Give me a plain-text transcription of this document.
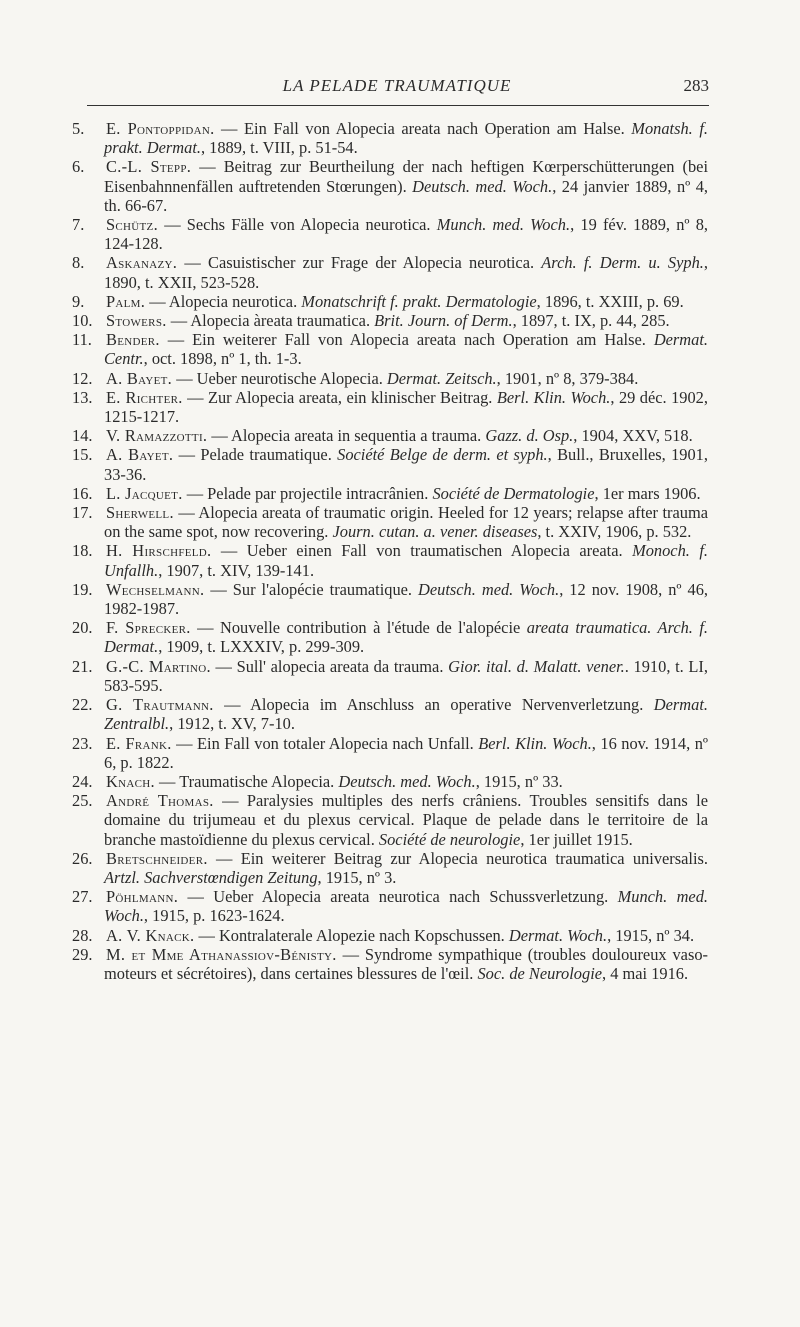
LA PELADE TRAUMATIQUE	283
5.E. Pontoppidan. — Ein Fall von Alopecia areata nach Operation am Halse. Monatsh. f. prakt. Dermat., 1889, t. VIII, p. 51-54.
6.C.-L. Stepp. — Beitrag zur Beurtheilung der nach heftigen Kœrperschütterungen (bei Eisenbahnnenfällen auftretenden Stœrungen). Deutsch. med. Woch., 24 janvier 1889, nº 4, th. 66-67.
7.Schütz. — Sechs Fälle von Alopecia neurotica. Munch. med. Woch., 19 fév. 1889, nº 8, 124-128.
8.Askanazy. — Casuistischer zur Frage der Alopecia neurotica. Arch. f. Derm. u. Syph., 1890, t. XXII, 523-528.
9.Palm. — Alopecia neurotica. Monatschrift f. prakt. Dermatologie, 1896, t. XXIII, p. 69.
10.Stowers. — Alopecia àreata traumatica. Brit. Journ. of Derm., 1897, t. IX, p. 44, 285.
11.Bender. — Ein weiterer Fall von Alopecia areata nach Operation am Halse. Dermat. Centr., oct. 1898, nº 1, th. 1-3.
12.A. Bayet. — Ueber neurotische Alopecia. Dermat. Zeitsch., 1901, nº 8, 379-384.
13.E. Richter. — Zur Alopecia areata, ein klinischer Beitrag. Berl. Klin. Woch., 29 déc. 1902, 1215-1217.
14.V. Ramazzotti. — Alopecia areata in sequentia a trauma. Gazz. d. Osp., 1904, XXV, 518.
15.A. Bayet. — Pelade traumatique. Société Belge de derm. et syph., Bull., Bruxelles, 1901, 33-36.
16.L. Jacquet. — Pelade par projectile intracrânien. Société de Dermatologie, 1er mars 1906.
17.Sherwell. — Alopecia areata of traumatic origin. Heeled for 12 years; relapse after trauma on the same spot, now recovering. Journ. cutan. a. vener. diseases, t. XXIV, 1906, p. 532.
18.H. Hirschfeld. — Ueber einen Fall von traumatischen Alopecia areata. Monoch. f. Unfallh., 1907, t. XIV, 139-141.
19.Wechselmann. — Sur l'alopécie traumatique. Deutsch. med. Woch., 12 nov. 1908, nº 46, 1982-1987.
20.F. Sprecker. — Nouvelle contribution à l'étude de l'alopécie areata traumatica. Arch. f. Dermat., 1909, t. LXXXIV, p. 299-309.
21.G.-C. Martino. — Sull' alopecia areata da trauma. Gior. ital. d. Malatt. vener.. 1910, t. LI, 583-595.
22.G. Trautmann. — Alopecia im Anschluss an operative Nervenverletzung. Dermat. Zentralbl., 1912, t. XV, 7-10.
23.E. Frank. — Ein Fall von totaler Alopecia nach Unfall. Berl. Klin. Woch., 16 nov. 1914, nº 6, p. 1822.
24.Knach. — Traumatische Alopecia. Deutsch. med. Woch., 1915, nº 33.
25.André Thomas. — Paralysies multiples des nerfs crâniens. Troubles sensitifs dans le domaine du trijumeau et du plexus cervical. Plaque de pelade dans le territoire de la branche mastoïdienne du plexus cervical. Société de neurologie, 1er juillet 1915.
26.Bretschneider. — Ein weiterer Beitrag zur Alopecia neurotica traumatica universalis. Artzl. Sachverstœndigen Zeitung, 1915, nº 3.
27.Pöhlmann. — Ueber Alopecia areata neurotica nach Schussverletzung. Munch. med. Woch., 1915, p. 1623-1624.
28.A. V. Knack. — Kontralaterale Alopezie nach Kopschussen. Dermat. Woch., 1915, nº 34.
29.M. et Mme Athanassiov-Bénisty. — Syndrome sympathique (troubles douloureux vaso-moteurs et sécrétoires), dans certaines blessures de l'œil. Soc. de Neurologie, 4 mai 1916.
